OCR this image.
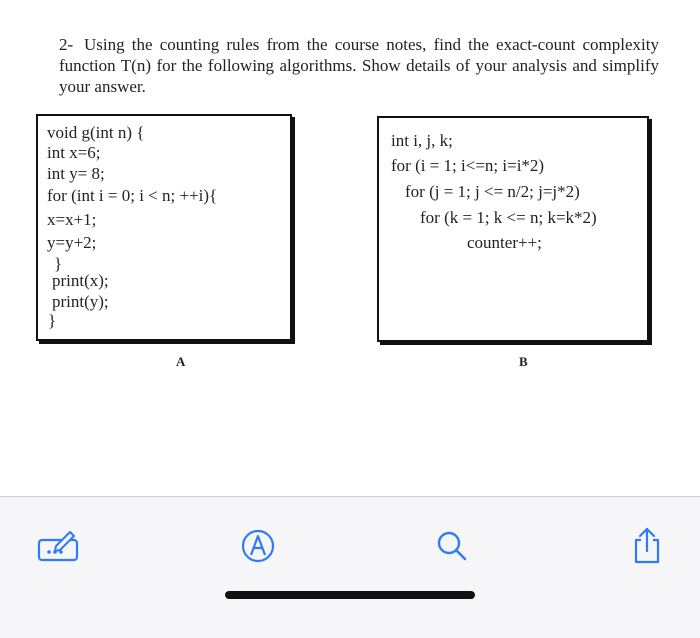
2- Using the counting rules from the course notes, find the exact-count complexity function T(n) for the following algorithms. Show details of your analysis and simplify your answer.
void g(int n) {
int x=6;
int y= 8;
for (int i = 0; i < n; ++i){
x=x+1;
y=y+2;
}
print(x);
print(y);
}
A
int i, j, k;
for (i = 1; i<=n; i=i*2)
for (j = 1; j <= n/2; j=j*2)
for (k = 1; k <= n; k=k*2)
counter++;
B
